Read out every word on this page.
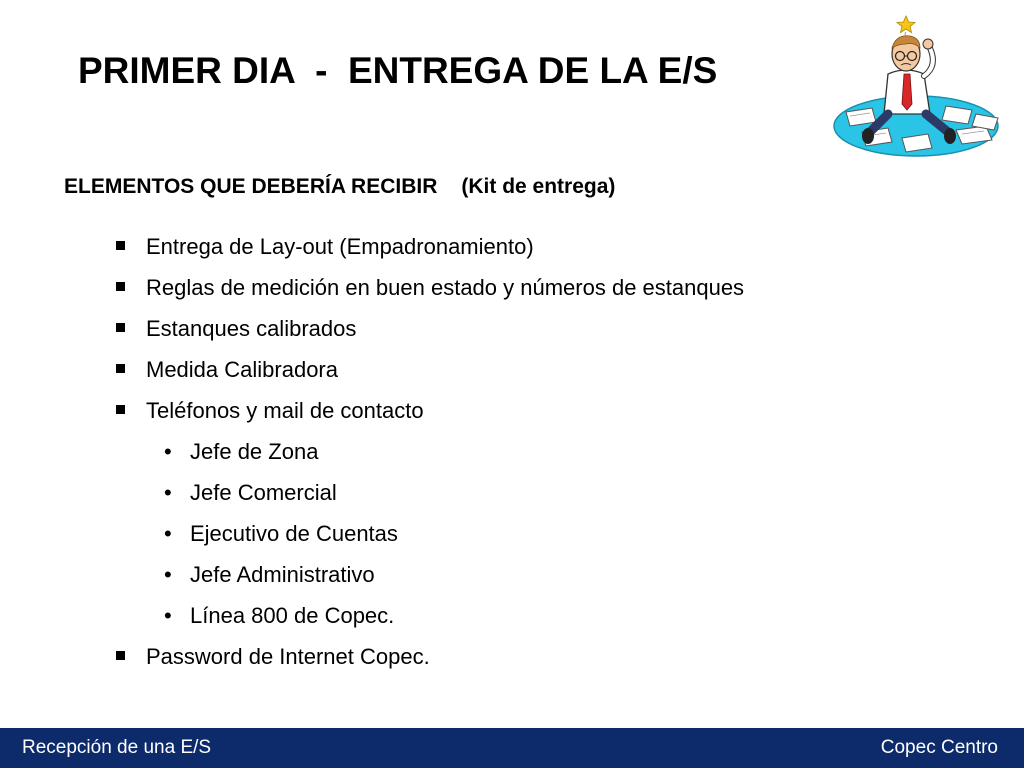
PRIMER DIA  -  ENTREGA DE LA E/S
ELEMENTOS QUE DEBERÍA RECIBIR (Kit de entrega)
Entrega de Lay-out (Empadronamiento)
Reglas de medición en buen estado y números de estanques
Estanques calibrados
Medida Calibradora
Teléfonos y mail de contacto
• Jefe de Zona
• Jefe Comercial
• Ejecutivo de Cuentas
• Jefe Administrativo
• Línea 800 de Copec.
Password de Internet Copec.
Recepción de una E/S	Copec Centro
